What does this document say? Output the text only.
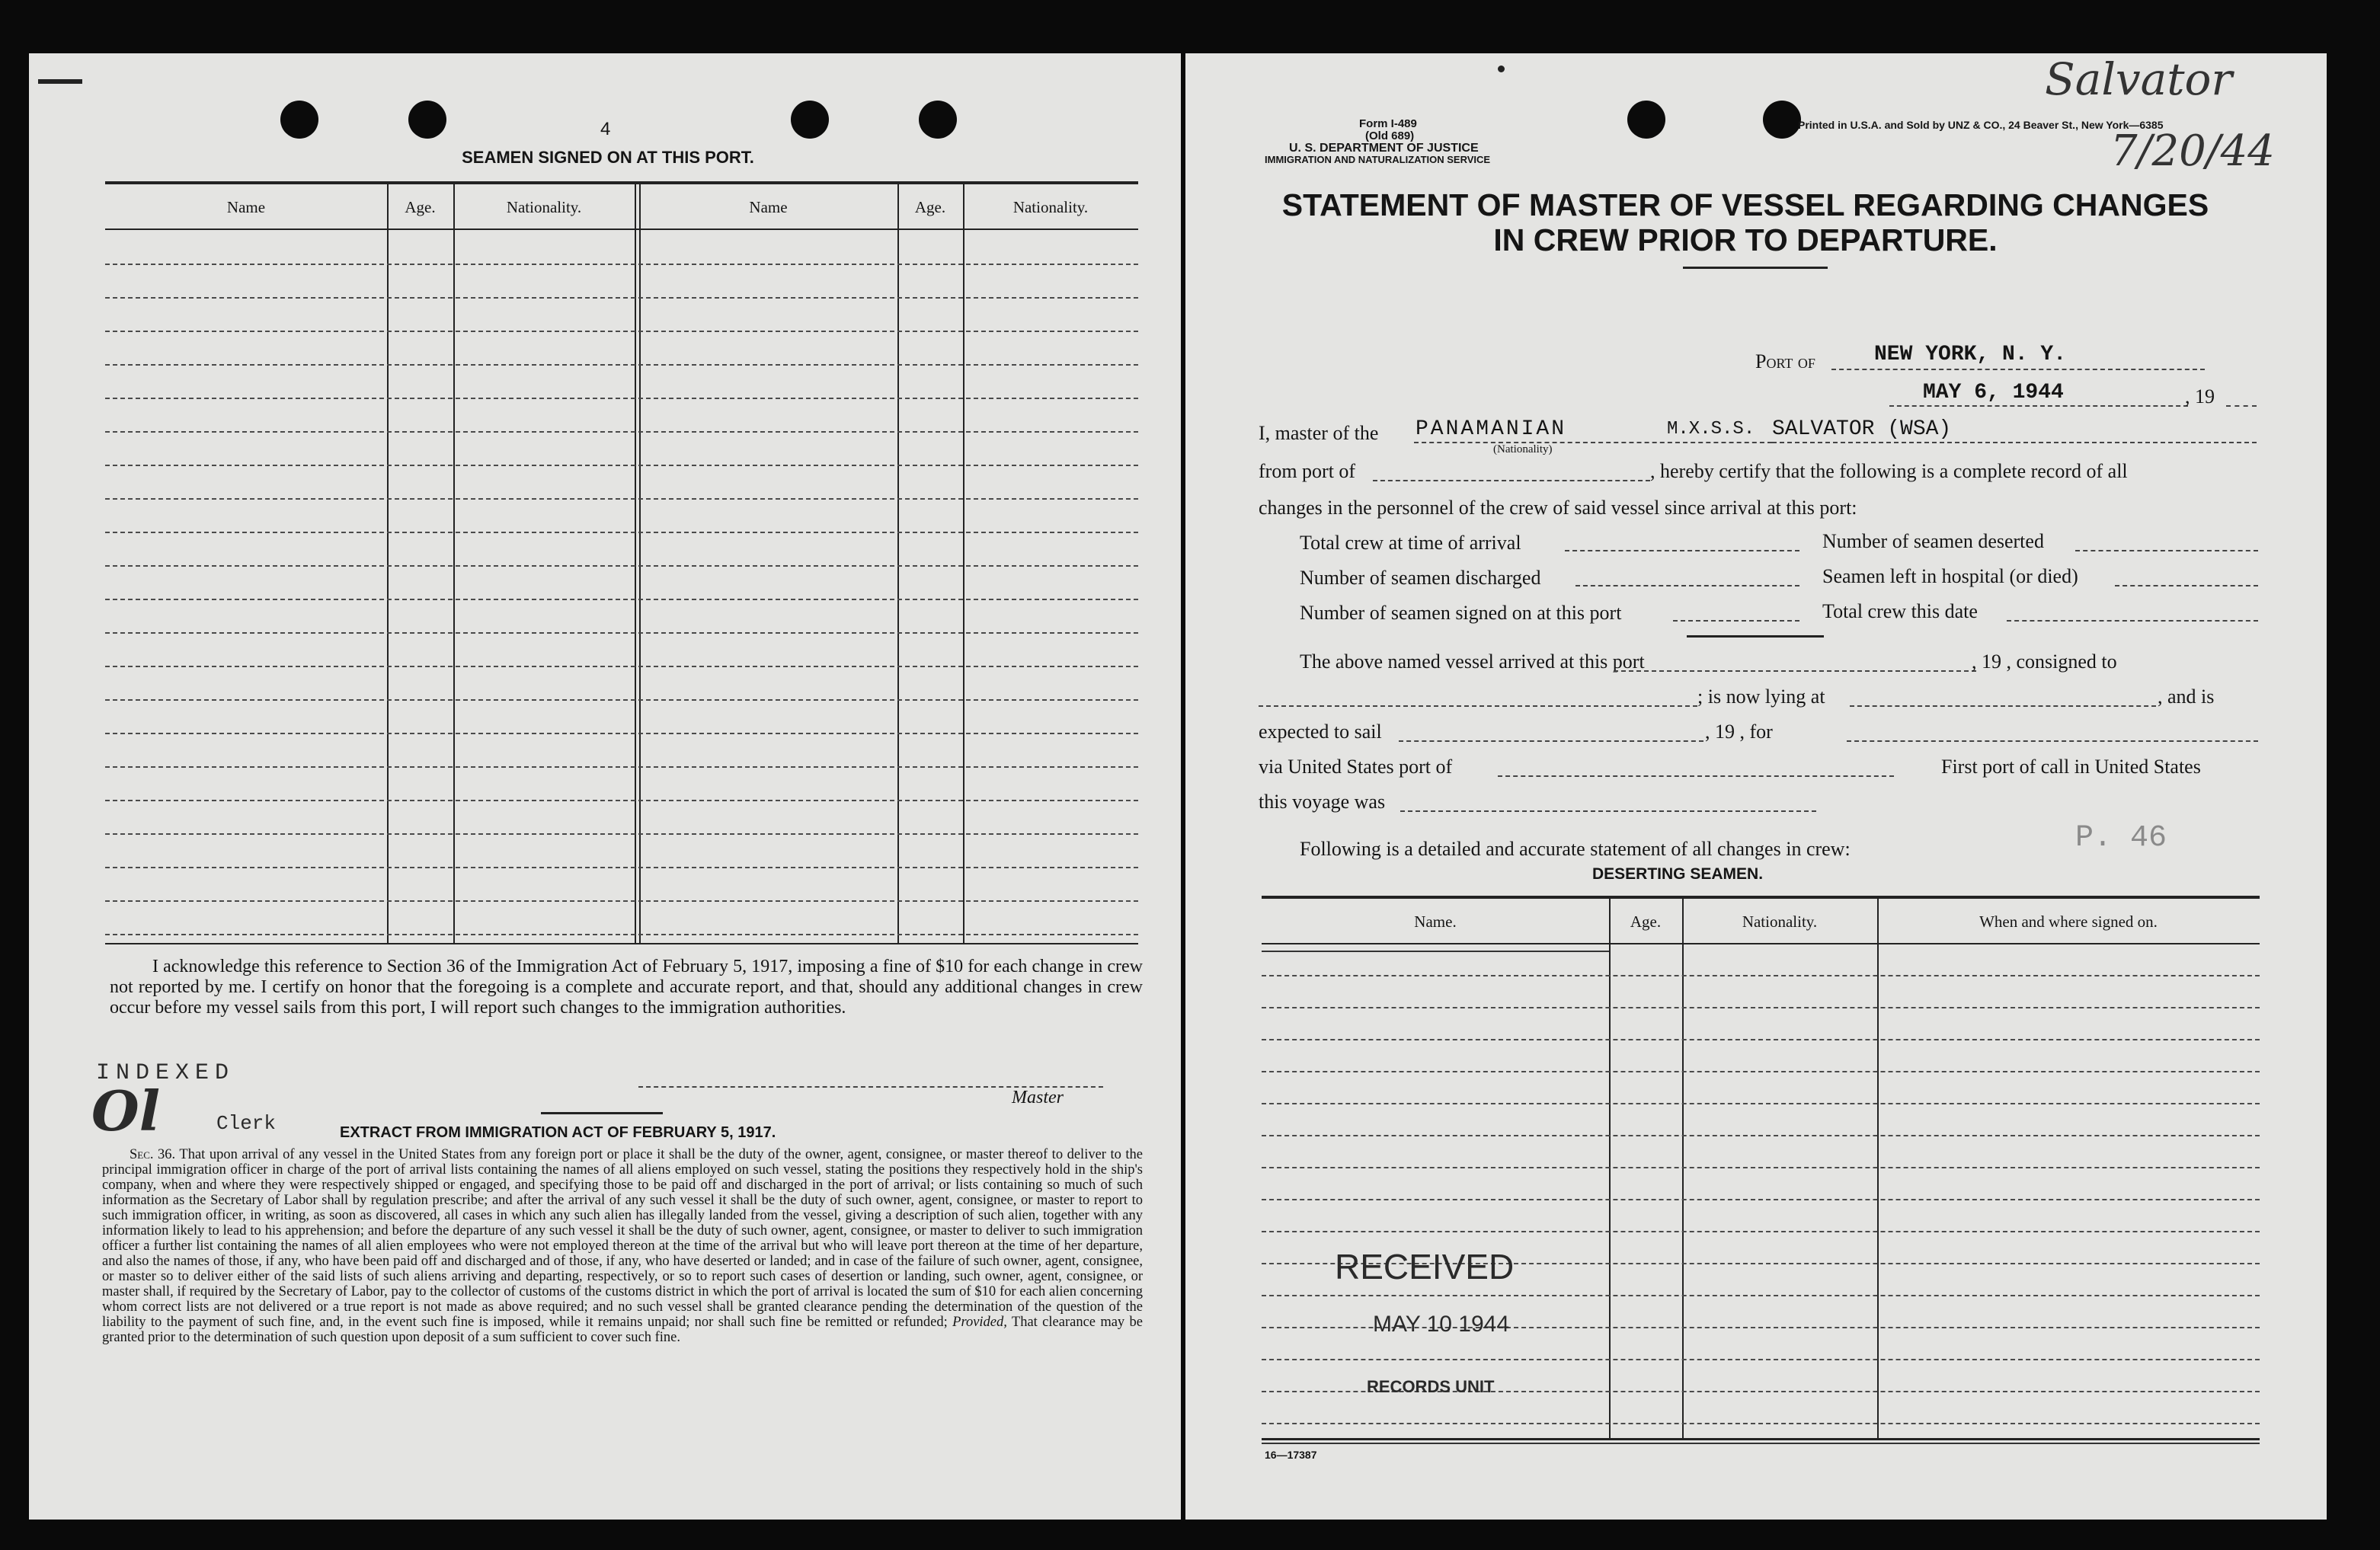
4
SEAMEN SIGNED ON AT THIS PORT.
Name	Age.	Nationality.	Name	Age.	Nationality.
I acknowledge this reference to Section 36 of the Immigration Act of February 5, 1917, imposing a fine of $10 for each change in crew not reported by me. I certify on honor that the foregoing is a complete and accurate report, and that, should any additional changes in crew occur before my vessel sails from this port, I will report such changes to the immigration authorities.
INDEXED
Ol	Clerk
Master
EXTRACT FROM IMMIGRATION ACT OF FEBRUARY 5, 1917.
Sec. 36. That upon arrival of any vessel in the United States from any foreign port or place it shall be the duty of the owner, agent, consignee, or master thereof to deliver to the principal immigration officer in charge of the port of arrival lists containing the names of all aliens employed on such vessel, stating the positions they respectively hold in the ship's company, when and where they were respectively shipped or engaged, and specifying those to be paid off and discharged in the port of arrival; or lists containing so much of such information as the Secretary of Labor shall by regulation prescribe; and after the arrival of any such vessel it shall be the duty of such owner, agent, consignee, or master to report to such immigration officer, in writing, as soon as discovered, all cases in which any such alien has illegally landed from the vessel, giving a description of such alien, together with any information likely to lead to his apprehension; and before the departure of any such vessel it shall be the duty of such owner, agent, consignee, or master to deliver to such immigration officer a further list containing the names of all alien employees who were not employed thereon at the time of the arrival but who will leave port thereon at the time of her departure, and also the names of those, if any, who have been paid off and discharged and of those, if any, who have deserted or landed; and in case of the failure of such owner, agent, consignee, or master so to deliver either of the said lists of such aliens arriving and departing, respectively, or so to report such cases of desertion or landing, such owner, agent, consignee, or master shall, if required by the Secretary of Labor, pay to the collector of customs of the customs district in which the port of arrival is located the sum of $10 for each alien concerning whom correct lists are not delivered or a true report is not made as above required; and no such vessel shall be granted clearance pending the determination of the question of the liability to the payment of such fine, and, in the event such fine is imposed, while it remains unpaid; nor shall such fine be remitted or refunded; Provided, That clearance may be granted prior to the determination of such question upon deposit of a sum sufficient to cover such fine.
Form I-489
(Old 689)
U. S. DEPARTMENT OF JUSTICE
IMMIGRATION AND NATURALIZATION SERVICE
Printed in U.S.A. and Sold by UNZ & CO., 24 Beaver St., New York—6385
Salvator
7/20/44
STATEMENT OF MASTER OF VESSEL REGARDING CHANGES
IN CREW PRIOR TO DEPARTURE.
Port of	NEW YORK, N. Y.
MAY 6, 1944	, 19
I, master of the PANAMANIAN
(Nationality)
M.X.S.S. SALVATOR (WSA)
from port of	, hereby certify that the following is a complete record of all
changes in the personnel of the crew of said vessel since arrival at this port:
Total crew at time of arrival
Number of seamen discharged
Number of seamen signed on at this port
Number of seamen deserted
Seamen left in hospital (or died)
Total crew this date
The above named vessel arrived at this port	, 19 , consigned to
; is now lying at	, and is
expected to sail	, 19 , for
via United States port of	First port of call in United States
this voyage was
Following is a detailed and accurate statement of all changes in crew:	P. 46
DESERTING SEAMEN.
Name.	Age.	Nationality.	When and where signed on.
RECEIVED
MAY 10 1944
RECORDS UNIT
16—17387
